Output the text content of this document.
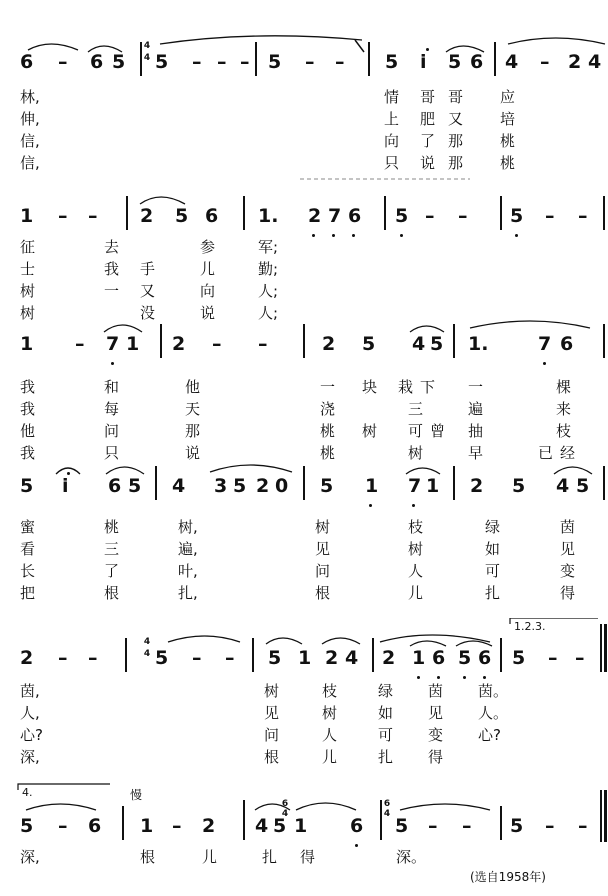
6 – 6 5 5 – – – 5 – – 5 i 5 6 4 – 2 4
4
4
林,	情 哥 哥 应
伸,	上 肥 又 培
信,	向 了 那 桃
信,	只 说 那 桃
1 – – 2 5 6 1. 2 7 6 5 – – 5 – –
征	去	参	军;
士	我 手	儿	勤;
树	一 又	向	人;
树	没	说	人;
1 – 7 1 2 – –	2 5 4 5 1.	7 6
我	和	他	一 块 栽 下 一	棵
我	每	天	浇	三	遍	来
他	问	那	桃 树 可 曾 抽	枝
我	只	说	桃	树	早	已 经
5 i 6 5 4 3 5 2 0 5 1 7 1 2 5 4 5
蜜	桃	树,	树	枝	绿	茵
看	三	遍,	见	树	如	见
长	了	叶,	问	人	可	变
把	根	扎,	根	儿	扎	得
2 – –	5 – – 5 1 2 4 2 1 6 5 6 5 – –
4
4
1.2.3.
茵,	树	枝	绿 茵 茵。
人,	见	树	如 见 人。
心?	问	人	可 变 心?
深,	根	儿	扎 得
4.	慢
6
4
6
4
5 – 6 1 – 2 4 5 1 6 5 – – 5 – –
深,	根	儿	扎 得	深。
(选自1958年)
